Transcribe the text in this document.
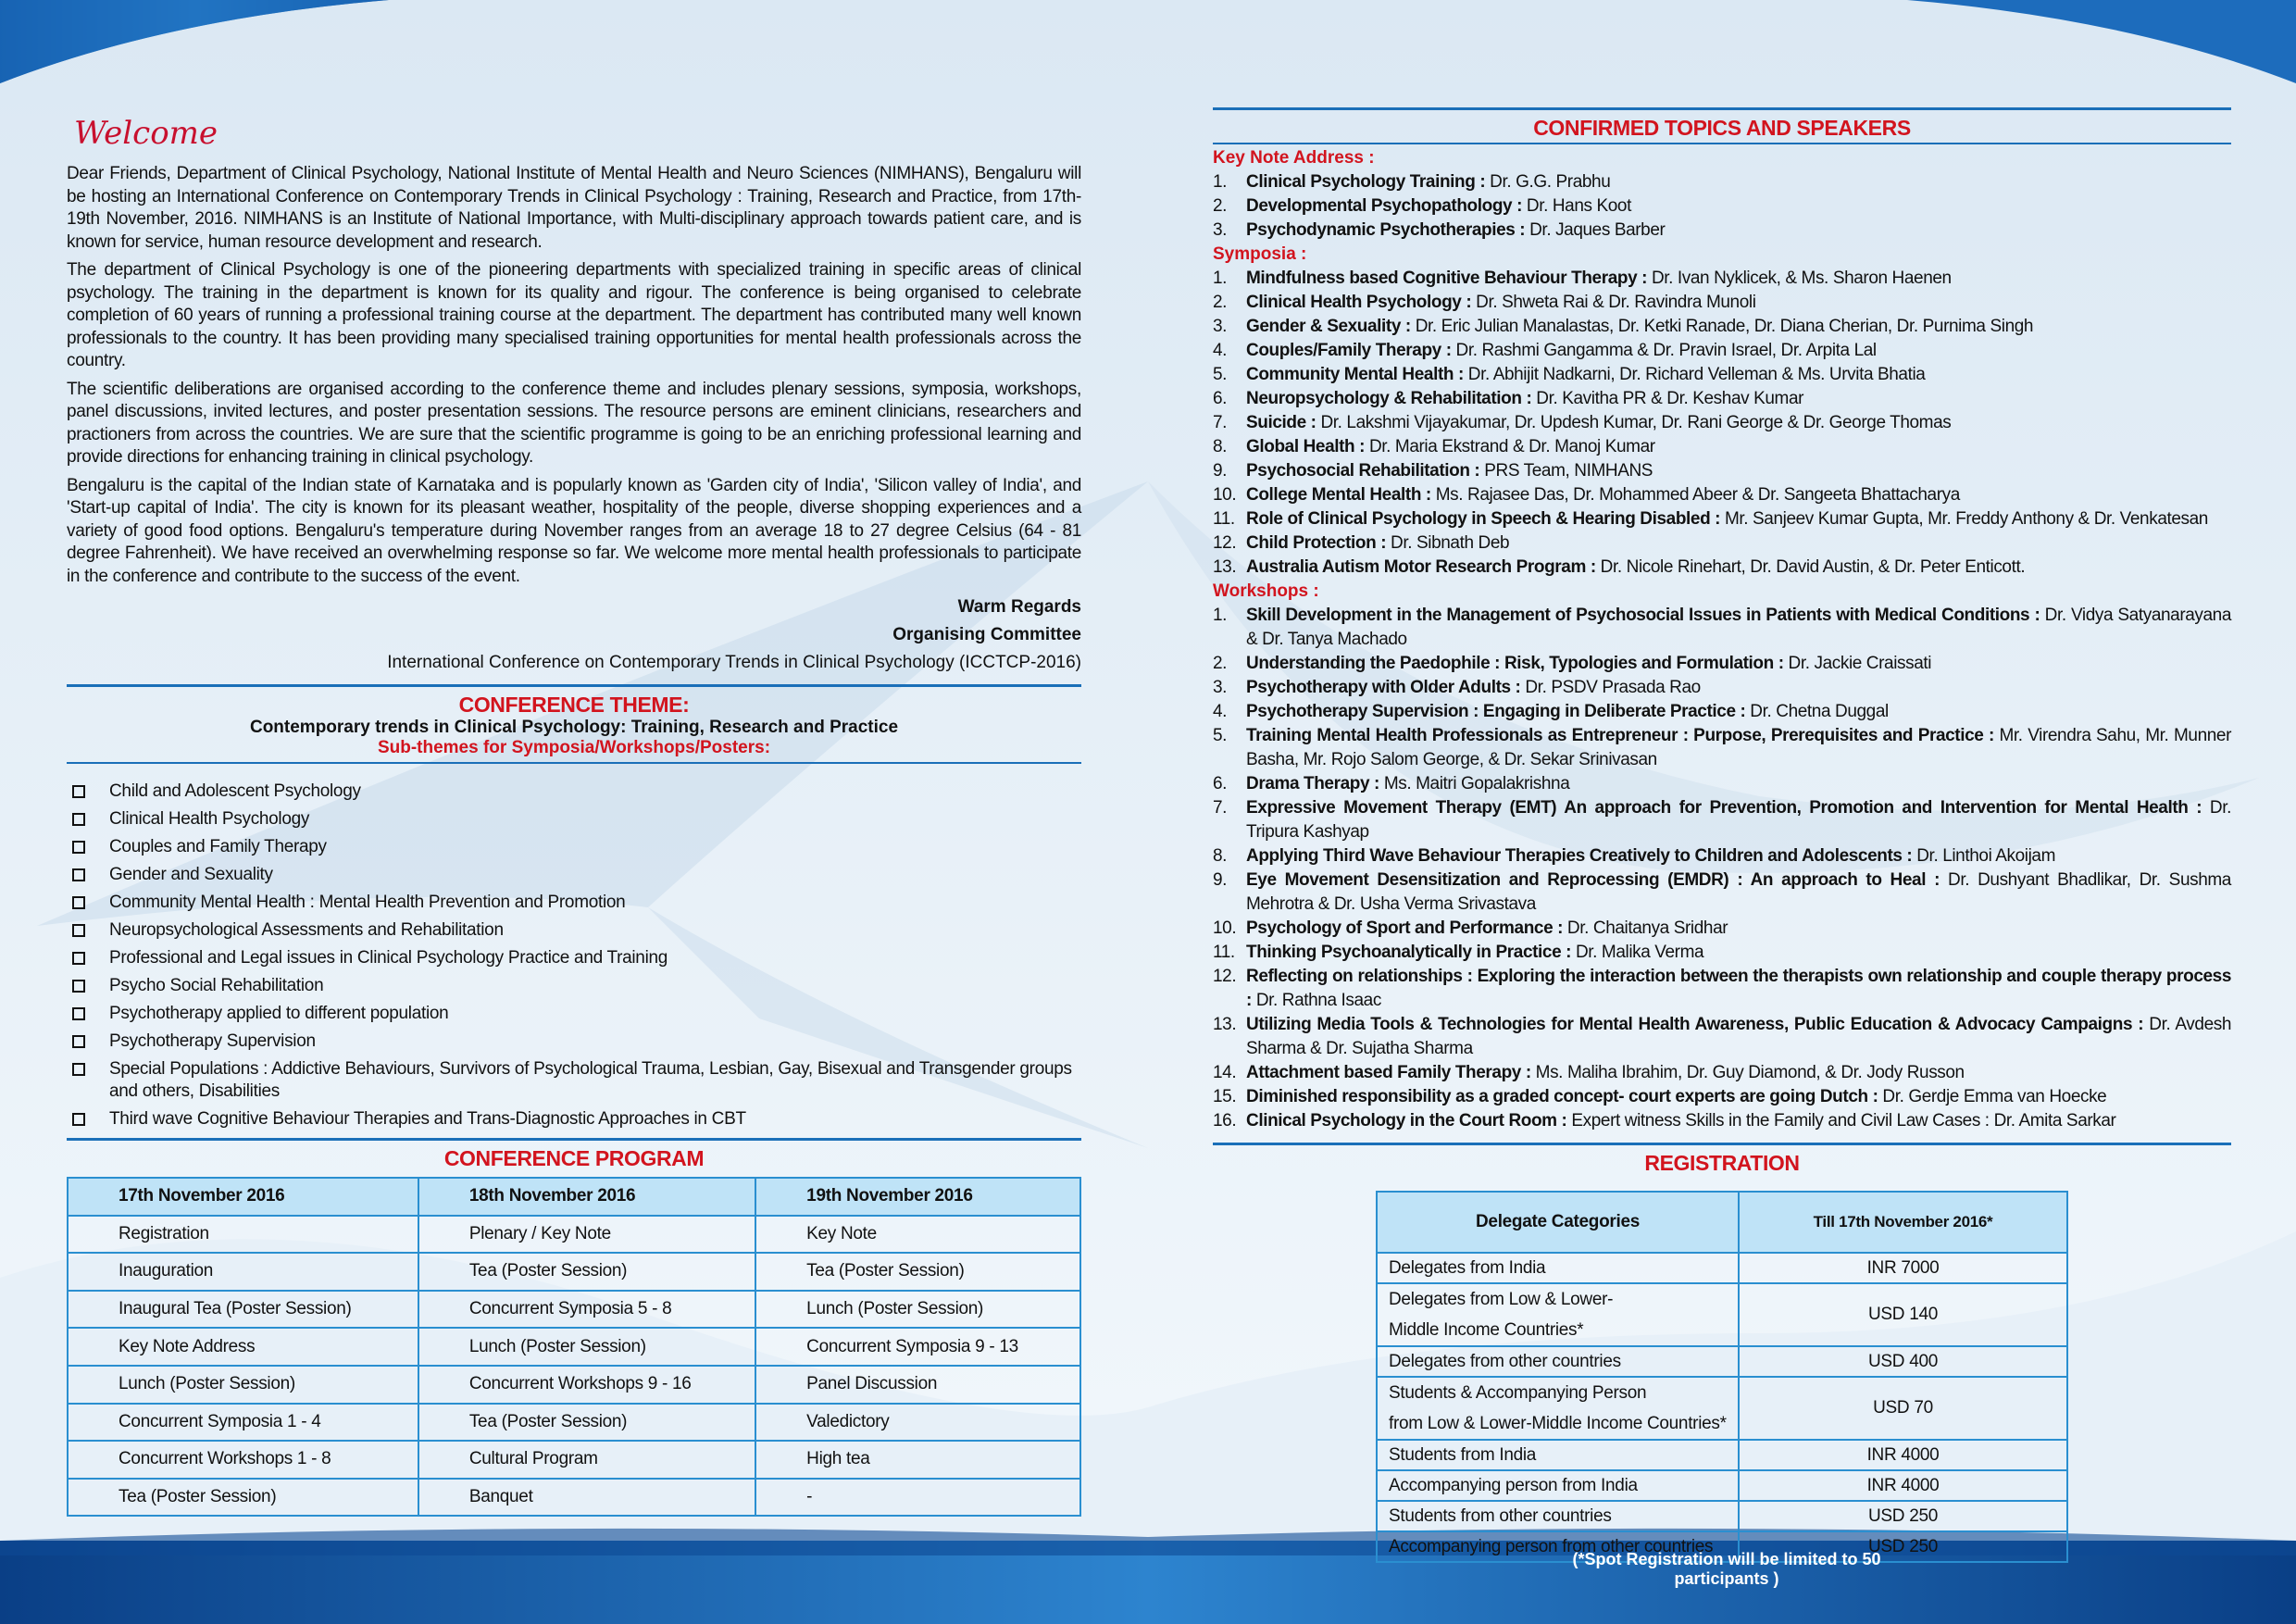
Welcome

Dear Friends, Department of Clinical Psychology, National Institute of Mental Health and Neuro Sciences (NIMHANS), Bengaluru will be hosting an International Conference on Contemporary Trends in Clinical Psychology : Training, Research and Practice, from 17th-19th November, 2016. NIMHANS is an Institute of National Importance, with Multi-disciplinary approach towards patient care, and is known for service, human resource development and research.

The department of Clinical Psychology is one of the pioneering departments with specialized training in specific areas of clinical psychology. The training in the department is known for its quality and rigour. The conference is being organised to celebrate completion of 60 years of running a professional training course at the department. The department has contributed many well known professionals to the country. It has been providing many specialised training opportunities for mental health professionals across the country.

The scientific deliberations are organised according to the conference theme and includes plenary sessions, symposia, workshops, panel discussions, invited lectures, and poster presentation sessions. The resource persons are eminent clinicians, researchers and practioners from across the countries. We are sure that the scientific programme is going to be an enriching professional learning and provide directions for enhancing training in clinical psychology.

Bengaluru is the capital of the Indian state of Karnataka and is popularly known as 'Garden city of India', 'Silicon valley of India', and 'Start-up capital of India'. The city is known for its pleasant weather, hospitality of the people, diverse shopping experiences and a variety of good food options. Bengaluru's temperature during November ranges from an average 18 to 27 degree Celsius (64 - 81 degree Fahrenheit). We have received an overwhelming response so far. We welcome more mental health professionals to participate in the conference and contribute to the success of the event.

Warm Regards
Organising Committee
International Conference on Contemporary Trends in Clinical Psychology (ICCTCP-2016)
CONFERENCE THEME:
Contemporary trends in Clinical Psychology: Training, Research and Practice
Sub-themes for Symposia/Workshops/Posters:
Child and Adolescent Psychology
Clinical Health Psychology
Couples and Family Therapy
Gender and Sexuality
Community Mental Health : Mental Health Prevention and Promotion
Neuropsychological Assessments and Rehabilitation
Professional and Legal issues in Clinical Psychology Practice and Training
Psycho Social Rehabilitation
Psychotherapy applied to different population
Psychotherapy Supervision
Special Populations : Addictive Behaviours, Survivors of Psychological Trauma, Lesbian, Gay, Bisexual and Transgender groups and others, Disabilities
Third wave Cognitive Behaviour Therapies and Trans-Diagnostic Approaches in CBT
CONFERENCE PROGRAM
17th November 2016	18th November 2016	19th November 2016
Registration	Plenary / Key Note	Key Note
Inauguration	Tea (Poster Session)	Tea (Poster Session)
Inaugural Tea (Poster Session)	Concurrent Symposia 5 - 8	Lunch (Poster Session)
Key Note Address	Lunch (Poster Session)	Concurrent Symposia 9 - 13
Lunch (Poster Session)	Concurrent Workshops 9 - 16	Panel Discussion
Concurrent Symposia 1 - 4	Tea (Poster Session)	Valedictory
Concurrent Workshops 1 - 8	Cultural Program	High tea
Tea (Poster Session)	Banquet	-
CONFIRMED TOPICS AND SPEAKERS
Key Note Address :
1.	Clinical Psychology Training : Dr. G.G. Prabhu
2.	Developmental Psychopathology : Dr. Hans Koot
3.	Psychodynamic Psychotherapies : Dr. Jaques Barber
Symposia :
1.	Mindfulness based Cognitive Behaviour Therapy : Dr. Ivan Nyklicek, & Ms. Sharon Haenen
2.	Clinical Health Psychology : Dr. Shweta Rai & Dr. Ravindra Munoli
3.	Gender & Sexuality : Dr. Eric Julian Manalastas, Dr. Ketki Ranade, Dr. Diana Cherian, Dr. Purnima Singh
4.	Couples/Family Therapy : Dr. Rashmi Gangamma & Dr. Pravin Israel, Dr. Arpita Lal
5.	Community Mental Health : Dr. Abhijit Nadkarni, Dr. Richard Velleman & Ms. Urvita Bhatia
6.	Neuropsychology & Rehabilitation : Dr. Kavitha PR & Dr. Keshav Kumar
7.	Suicide : Dr. Lakshmi Vijayakumar, Dr. Updesh Kumar, Dr. Rani George & Dr. George Thomas
8.	Global Health : Dr. Maria Ekstrand & Dr. Manoj Kumar
9.	Psychosocial Rehabilitation : PRS Team, NIMHANS
10. College Mental Health : Ms. Rajasee Das, Dr. Mohammed Abeer & Dr. Sangeeta Bhattacharya
11. Role of Clinical Psychology in Speech & Hearing Disabled : Mr. Sanjeev Kumar Gupta, Mr. Freddy Anthony & Dr. Venkatesan
12. Child Protection : Dr. Sibnath Deb
13. Australia Autism Motor Research Program : Dr. Nicole Rinehart, Dr. David Austin, & Dr. Peter Enticott.
Workshops :
1.	Skill Development in the Management of Psychosocial Issues in Patients with Medical Conditions : Dr. Vidya Satyanarayana & Dr. Tanya Machado
2.	Understanding the Paedophile : Risk, Typologies and Formulation : Dr. Jackie Craissati
3.	Psychotherapy with Older Adults : Dr. PSDV Prasada Rao
4.	Psychotherapy Supervision : Engaging in Deliberate Practice : Dr. Chetna Duggal
5.	Training Mental Health Professionals as Entrepreneur : Purpose, Prerequisites and Practice : Mr. Virendra Sahu, Mr. Munner Basha, Mr. Rojo Salom George, & Dr. Sekar Srinivasan
6.	Drama Therapy : Ms. Maitri Gopalakrishna
7.	Expressive Movement Therapy (EMT) An approach for Prevention, Promotion and Intervention for Mental Health : Dr. Tripura Kashyap
8.	Applying Third Wave Behaviour Therapies Creatively to Children and Adolescents : Dr. Linthoi Akoijam
9.	Eye Movement Desensitization and Reprocessing (EMDR) : An approach to Heal : Dr. Dushyant Bhadlikar, Dr. Sushma Mehrotra & Dr. Usha Verma Srivastava
10. Psychology of Sport and Performance : Dr. Chaitanya Sridhar
11. Thinking Psychoanalytically in Practice : Dr. Malika Verma
12. Reflecting on relationships : Exploring the interaction between the therapists own relationship and couple therapy process : Dr. Rathna Isaac
13. Utilizing Media Tools & Technologies for Mental Health Awareness, Public Education & Advocacy Campaigns : Dr. Avdesh Sharma & Dr. Sujatha Sharma
14. Attachment based Family Therapy : Ms. Maliha Ibrahim, Dr. Guy Diamond, & Dr. Jody Russon
15. Diminished responsibility as a graded concept- court experts are going Dutch : Dr. Gerdje Emma van Hoecke
16. Clinical Psychology in the Court Room : Expert witness Skills in the Family and Civil Law Cases : Dr. Amita Sarkar
REGISTRATION
Delegate Categories	Till 17th November 2016*
Delegates from India	INR 7000
Delegates from Low & Lower-
Middle Income Countries*	USD 140
Delegates from other countries	USD 400
Students & Accompanying Person
from Low & Lower-Middle Income Countries*	USD 70
Students from India	INR 4000
Accompanying person from India	INR 4000
Students from other countries	USD 250
Accompanying person from other countries	USD 250
(*Spot Registration will be limited to 50 participants )
